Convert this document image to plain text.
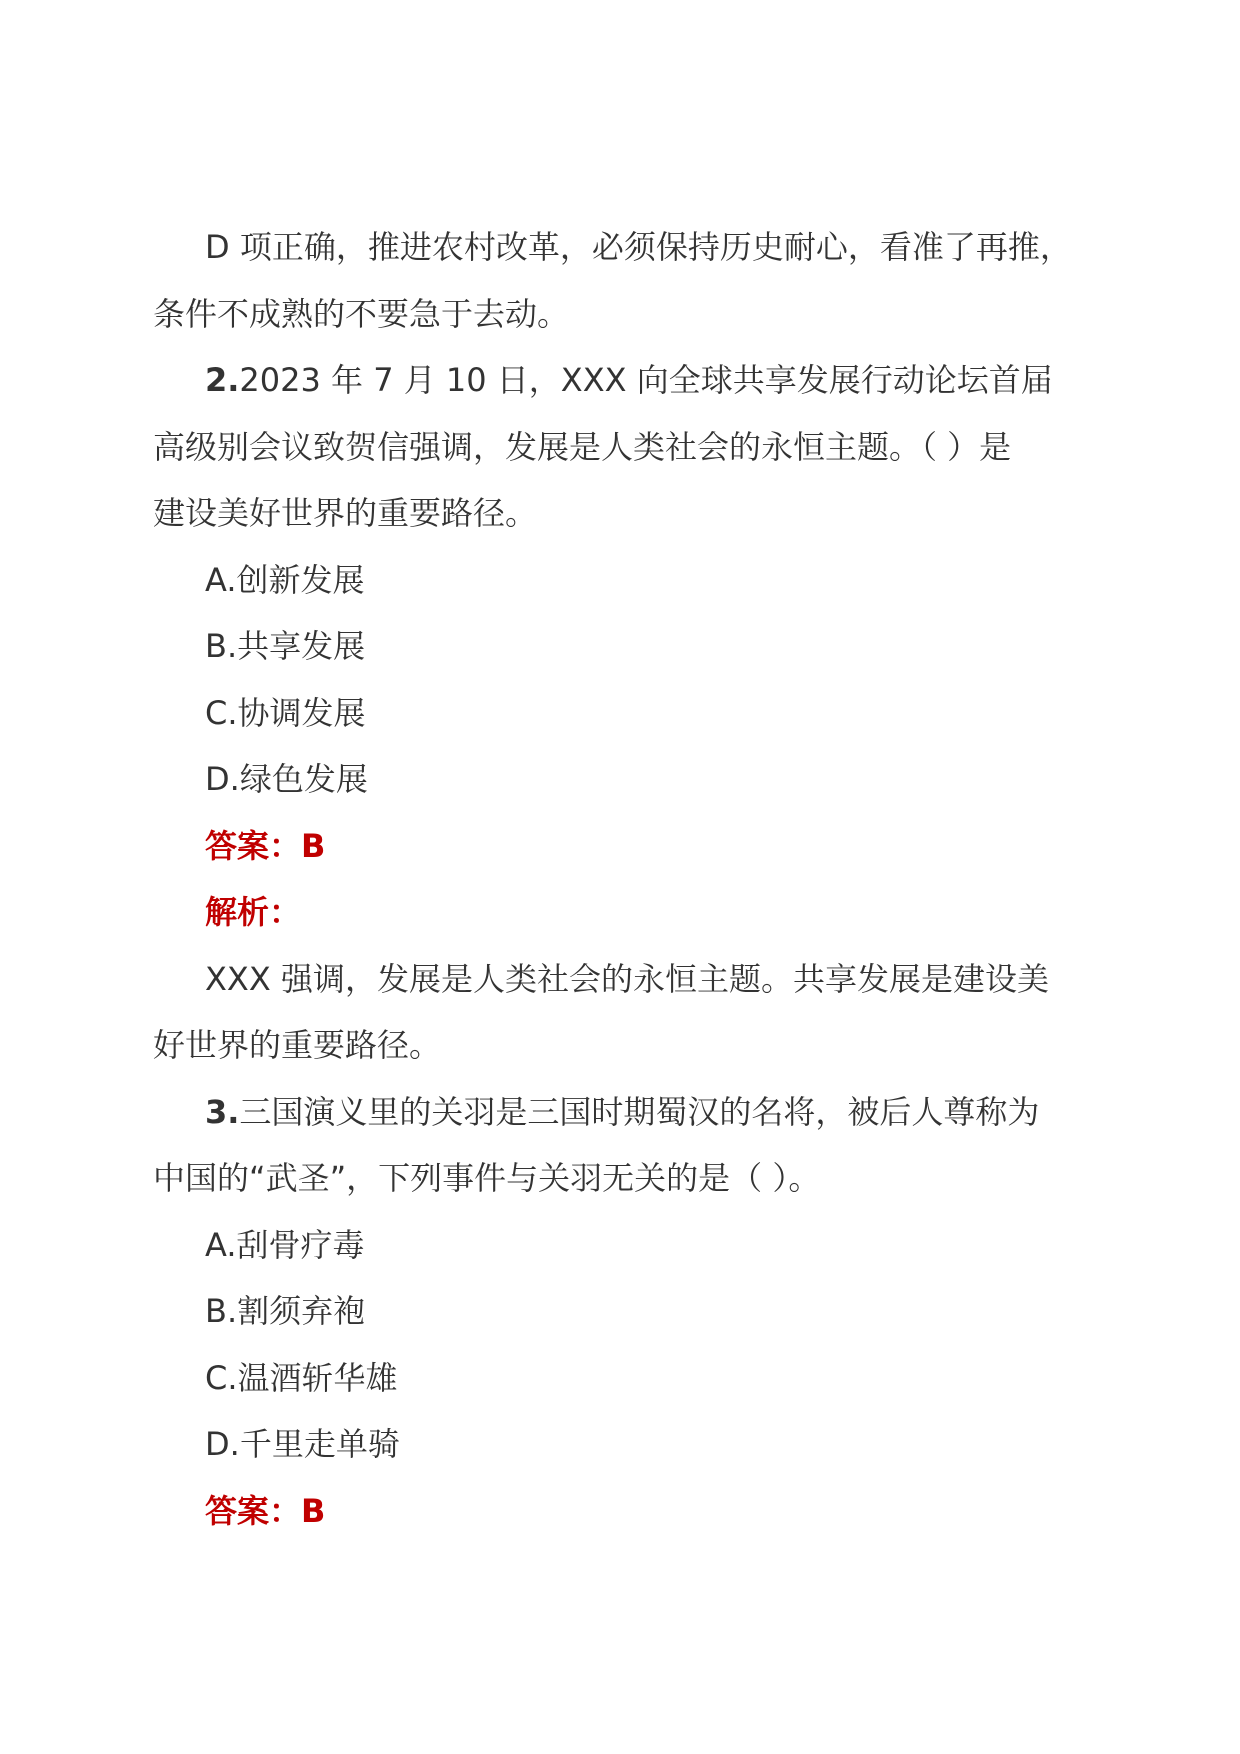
D 项正确，推进农村改革，必须保持历史耐心，看准了再推，
条件不成熟的不要急于去动。

2.2023 年 7 月 10 日，XXX 向全球共享发展行动论坛首届
高级别会议致贺信强调，发展是人类社会的永恒主题。（ ）是
建设美好世界的重要路径。

A.创新发展

B.共享发展

C.协调发展

D.绿色发展

答案：B

解析：

XXX 强调，发展是人类社会的永恒主题。共享发展是建设美
好世界的重要路径。

3.三国演义里的关羽是三国时期蜀汉的名将，被后人尊称为
中国的“武圣”，下列事件与关羽无关的是（ ）。

A.刮骨疗毒

B.割须弃袍

C.温酒斩华雄

D.千里走单骑

答案：B
